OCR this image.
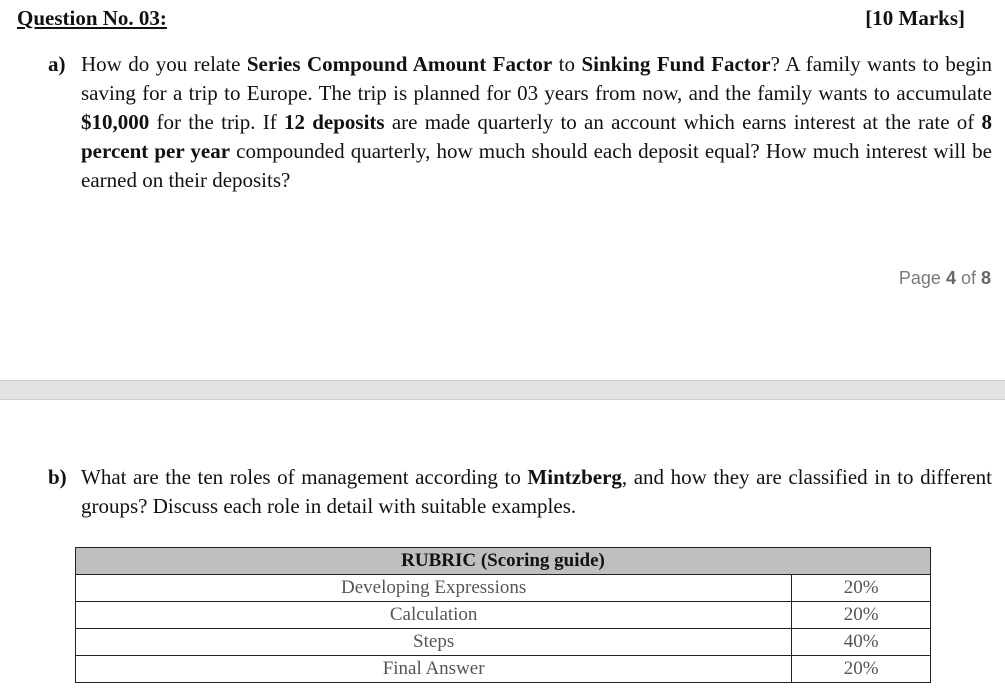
Question No. 03:	[10 Marks]
a) How do you relate Series Compound Amount Factor to Sinking Fund Factor? A family wants to begin saving for a trip to Europe. The trip is planned for 03 years from now, and the family wants to accumulate $10,000 for the trip. If 12 deposits are made quarterly to an account which earns interest at the rate of 8 percent per year compounded quarterly, how much should each deposit equal? How much interest will be earned on their deposits?
Page 4 of 8
b) What are the ten roles of management according to Mintzberg, and how they are classified in to different groups? Discuss each role in detail with suitable examples.
RUBRIC (Scoring guide)	
Developing Expressions	20%
Calculation	20%
Steps	40%
Final Answer	20%
